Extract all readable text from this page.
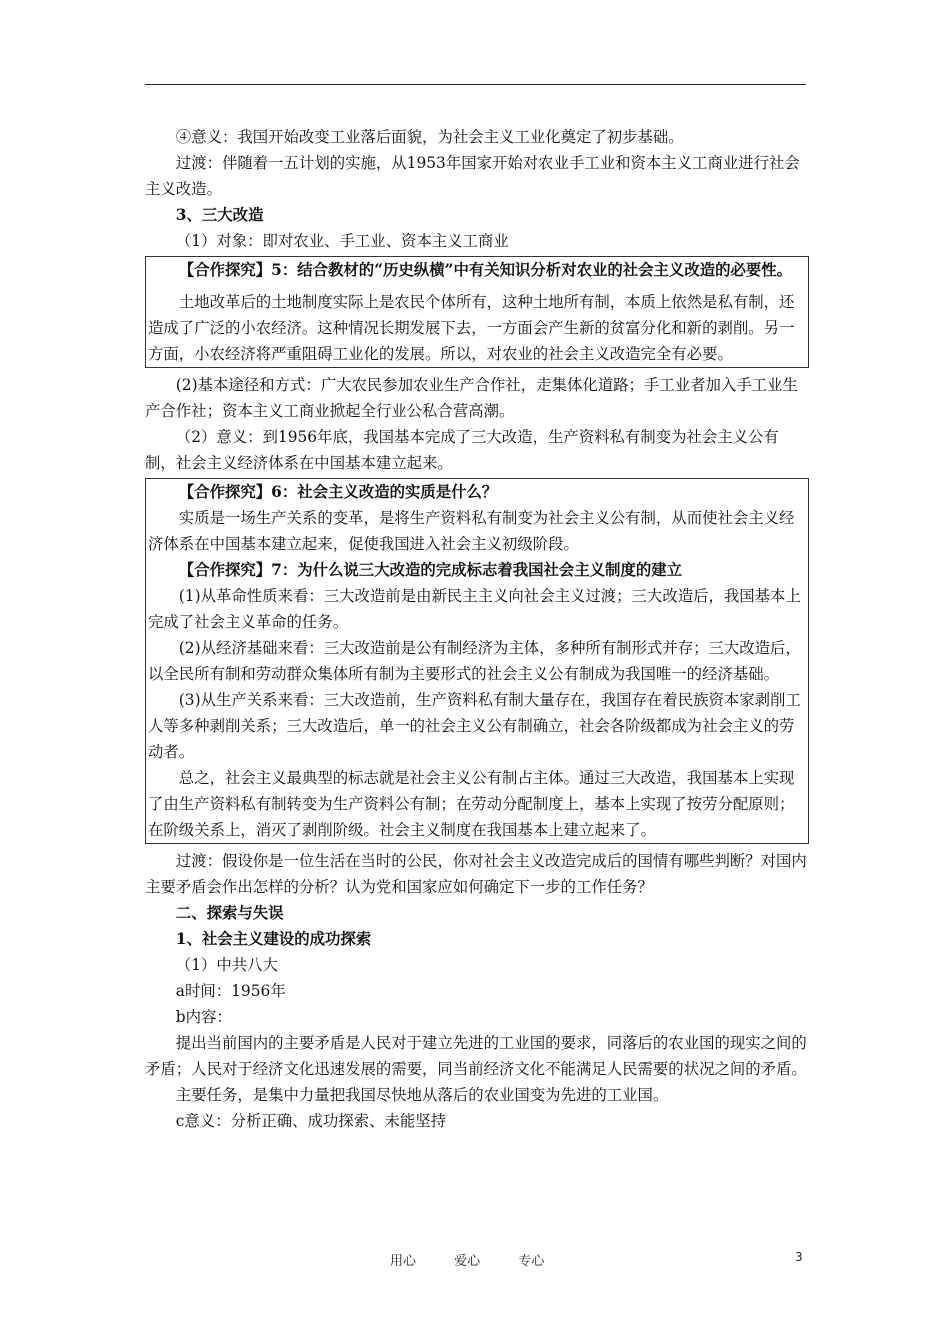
④意义：我国开始改变工业落后面貌，为社会主义工业化奠定了初步基础。

过渡：伴随着一五计划的实施，从1953年国家开始对农业手工业和资本主义工商业进行社会主义改造。

3、三大改造

（1）对象：即对农业、手工业、资本主义工商业

【合作探究】5：结合教材的“历史纵横”中有关知识分析对农业的社会主义改造的必要性。

土地改革后的土地制度实际上是农民个体所有，这种土地所有制，本质上依然是私有制，还造成了广泛的小农经济。这种情况长期发展下去，一方面会产生新的贫富分化和新的剥削。另一方面，小农经济将严重阻碍工业化的发展。所以，对农业的社会主义改造完全有必要。

(2)基本途径和方式：广大农民参加农业生产合作社，走集体化道路；手工业者加入手工业生产合作社；资本主义工商业掀起全行业公私合营高潮。

（2）意义：到1956年底，我国基本完成了三大改造，生产资料私有制变为社会主义公有制，社会主义经济体系在中国基本建立起来。

【合作探究】6：社会主义改造的实质是什么？

实质是一场生产关系的变革，是将生产资料私有制变为社会主义公有制，从而使社会主义经济体系在中国基本建立起来，促使我国进入社会主义初级阶段。

【合作探究】7：为什么说三大改造的完成标志着我国社会主义制度的建立

(1)从革命性质来看：三大改造前是由新民主主义向社会主义过渡；三大改造后，我国基本上完成了社会主义革命的任务。

(2)从经济基础来看：三大改造前是公有制经济为主体，多种所有制形式并存；三大改造后，以全民所有制和劳动群众集体所有制为主要形式的社会主义公有制成为我国唯一的经济基础。

(3)从生产关系来看：三大改造前，生产资料私有制大量存在，我国存在着民族资本家剥削工人等多种剥削关系；三大改造后，单一的社会主义公有制确立，社会各阶级都成为社会主义的劳动者。

总之，社会主义最典型的标志就是社会主义公有制占主体。通过三大改造，我国基本上实现了由生产资料私有制转变为生产资料公有制；在劳动分配制度上，基本上实现了按劳分配原则；在阶级关系上，消灭了剥削阶级。社会主义制度在我国基本上建立起来了。

过渡：假设你是一位生活在当时的公民，你对社会主义改造完成后的国情有哪些判断？对国内主要矛盾会作出怎样的分析？认为党和国家应如何确定下一步的工作任务？

二、探索与失误

1、社会主义建设的成功探索

（1）中共八大

a时间：1956年

b内容：

提出当前国内的主要矛盾是人民对于建立先进的工业国的要求，同落后的农业国的现实之间的矛盾；人民对于经济文化迅速发展的需要，同当前经济文化不能满足人民需要的状况之间的矛盾。

主要任务，是集中力量把我国尽快地从落后的农业国变为先进的工业国。

c意义：分析正确、成功探索、未能坚持

用心	爱心	专心	3
